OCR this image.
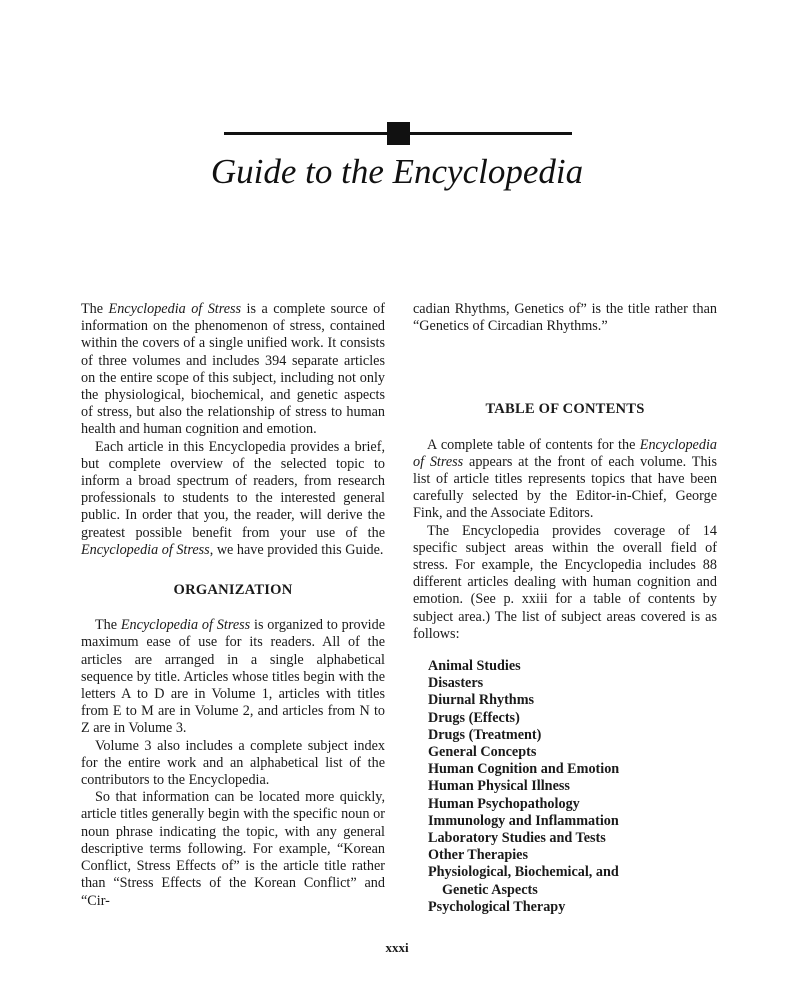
Guide to the Encyclopedia

The Encyclopedia of Stress is a complete source of information on the phenomenon of stress, contained within the covers of a single unified work. It consists of three volumes and includes 394 separate articles on the entire scope of this subject, including not only the physiological, biochemical, and genetic aspects of stress, but also the relationship of stress to human health and human cognition and emotion.

Each article in this Encyclopedia provides a brief, but complete overview of the selected topic to inform a broad spectrum of readers, from research professionals to students to the interested general public. In order that you, the reader, will derive the greatest possible benefit from your use of the Encyclopedia of Stress, we have provided this Guide.

ORGANIZATION

The Encyclopedia of Stress is organized to provide maximum ease of use for its readers. All of the articles are arranged in a single alphabetical sequence by title. Articles whose titles begin with the letters A to D are in Volume 1, articles with titles from E to M are in Volume 2, and articles from N to Z are in Volume 3.

Volume 3 also includes a complete subject index for the entire work and an alphabetical list of the contributors to the Encyclopedia.

So that information can be located more quickly, article titles generally begin with the specific noun or noun phrase indicating the topic, with any general descriptive terms following. For example, “Korean Conflict, Stress Effects of” is the article title rather than “Stress Effects of the Korean Conflict” and “Cir-

cadian Rhythms, Genetics of” is the title rather than “Genetics of Circadian Rhythms.”

TABLE OF CONTENTS

A complete table of contents for the Encyclopedia of Stress appears at the front of each volume. This list of article titles represents topics that have been carefully selected by the Editor-in-Chief, George Fink, and the Associate Editors.

The Encyclopedia provides coverage of 14 specific subject areas within the overall field of stress. For example, the Encyclopedia includes 88 different articles dealing with human cognition and emotion. (See p. xxiii for a table of contents by subject area.) The list of subject areas covered is as follows:

Animal Studies
Disasters
Diurnal Rhythms
Drugs (Effects)
Drugs (Treatment)
General Concepts
Human Cognition and Emotion
Human Physical Illness
Human Psychopathology
Immunology and Inflammation
Laboratory Studies and Tests
Other Therapies
Physiological, Biochemical, and
Genetic Aspects
Psychological Therapy
xxxi
